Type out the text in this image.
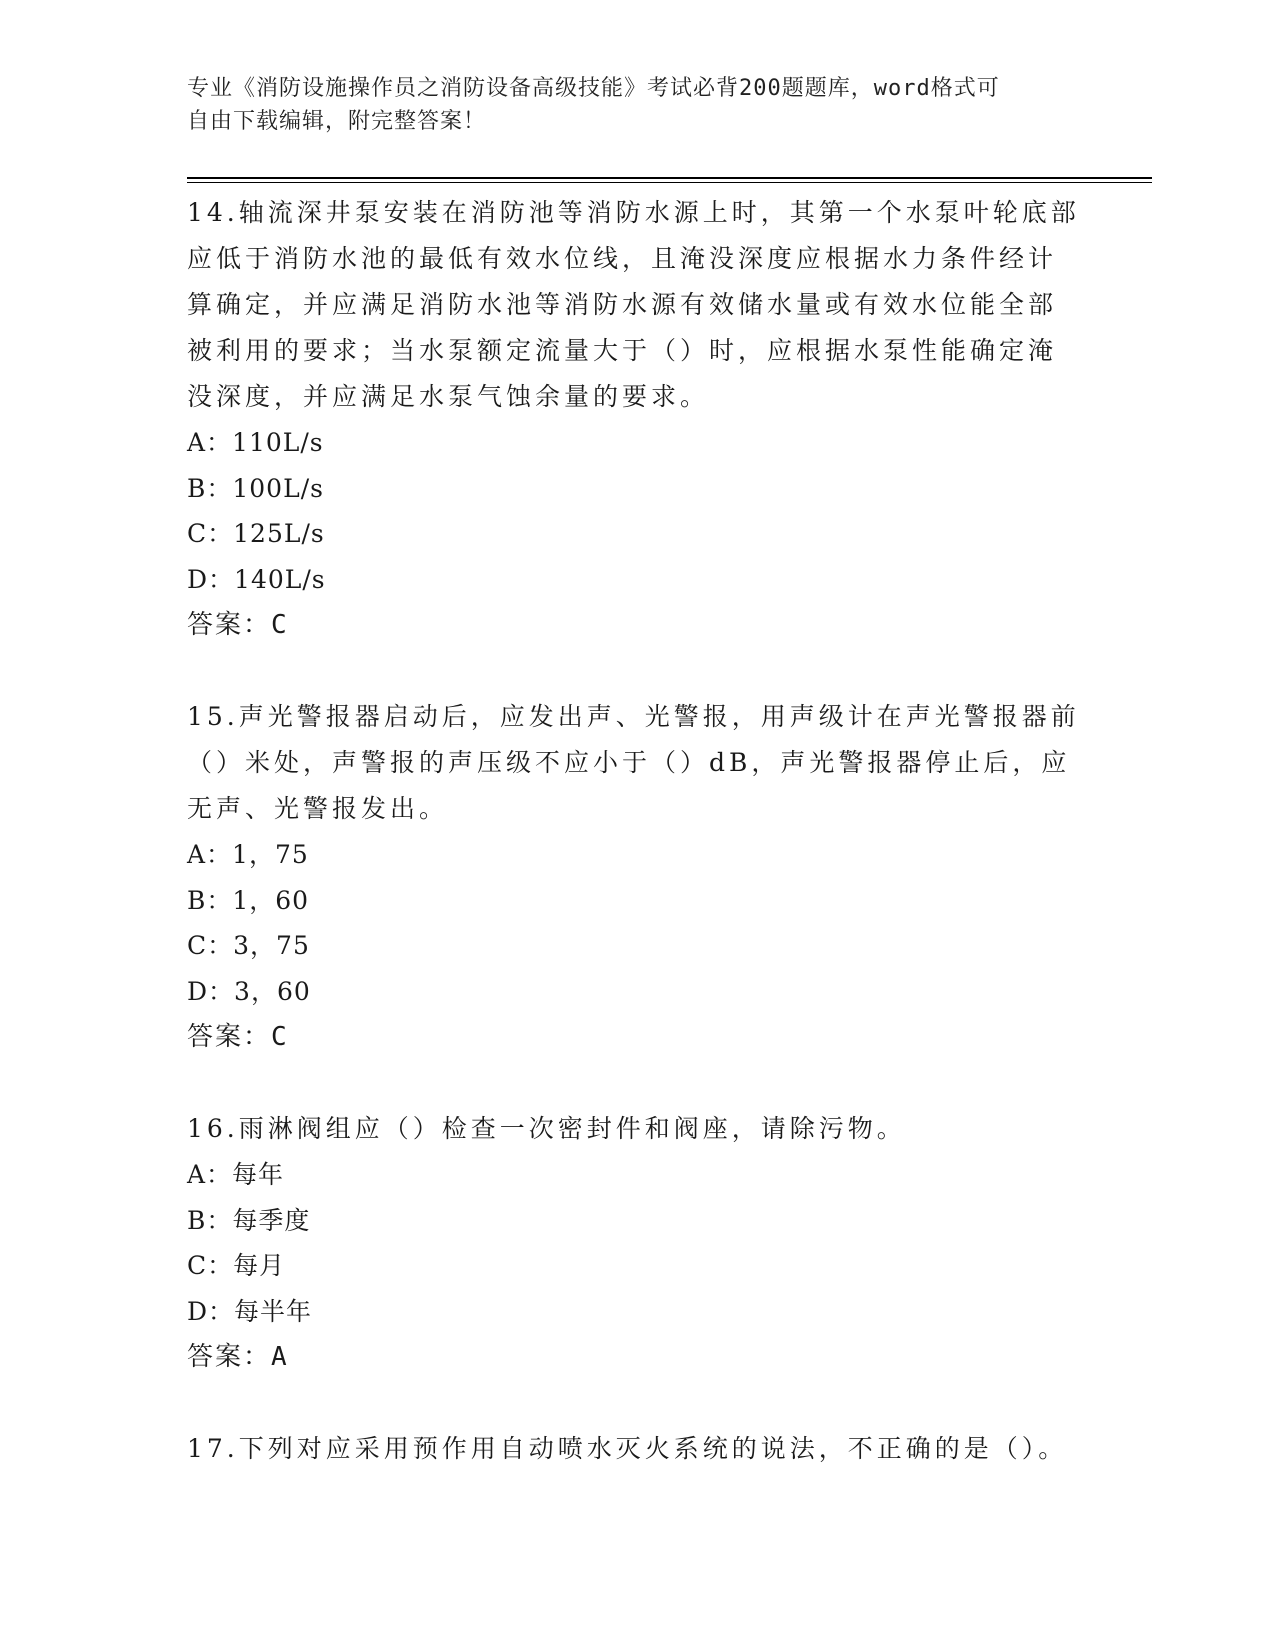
专业《消防设施操作员之消防设备高级技能》考试必背200题题库，word格式可
自由下载编辑，附完整答案！

14.轴流深井泵安装在消防池等消防水源上时，其第一个水泵叶轮底部

应低于消防水池的最低有效水位线，且淹没深度应根据水力条件经计

算确定，并应满足消防水池等消防水源有效储水量或有效水位能全部

被利用的要求；当水泵额定流量大于（）时，应根据水泵性能确定淹

没深度，并应满足水泵气蚀余量的要求。

A：110L/s

B：100L/s

C：125L/s

D：140L/s

答案：C

15.声光警报器启动后，应发出声、光警报，用声级计在声光警报器前

（）米处，声警报的声压级不应小于（）dB，声光警报器停止后，应

无声、光警报发出。

A：1，75

B：1，60

C：3，75

D：3，60

答案：C

16.雨淋阀组应（）检查一次密封件和阀座，请除污物。

A：每年

B：每季度

C：每月

D：每半年

答案：A

17.下列对应采用预作用自动喷水灭火系统的说法，不正确的是（）。
